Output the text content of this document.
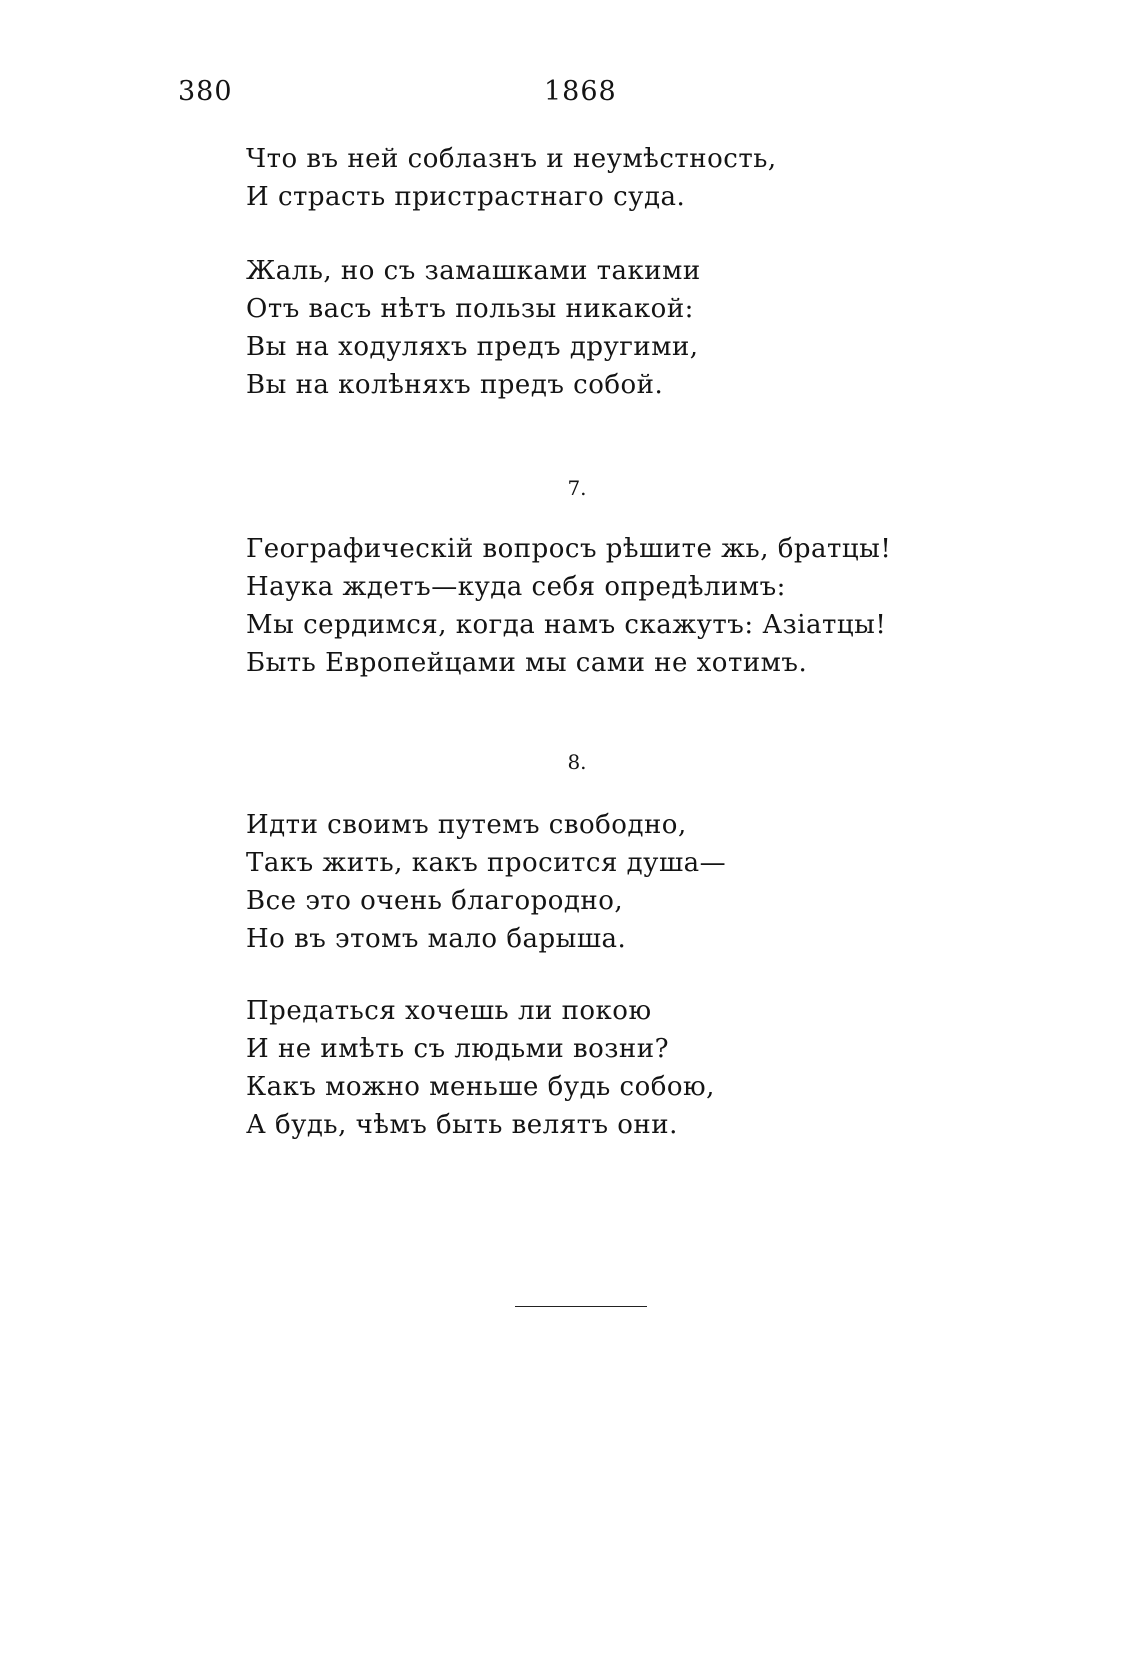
380	1868
Что въ ней соблазнъ и неумѣстность,
И страсть пристрастнаго суда.
Жаль, но съ замашками такими
Отъ васъ нѣтъ пользы никакой:
Вы на ходуляхъ предъ другими,
Вы на колѣняхъ предъ собой.
7.
Географическій вопросъ рѣшите жь, братцы!
Наука ждетъ—куда себя опредѣлимъ:
Мы сердимся, когда намъ скажутъ: Азіатцы!
Быть Европейцами мы сами не хотимъ.
8.
Идти своимъ путемъ свободно,
Такъ жить, какъ просится душа—
Все это очень благородно,
Но въ этомъ мало барыша.
Предаться хочешь ли покою
И не имѣть съ людьми возни?
Какъ можно меньше будь собою,
А будь, чѣмъ быть велятъ они.
